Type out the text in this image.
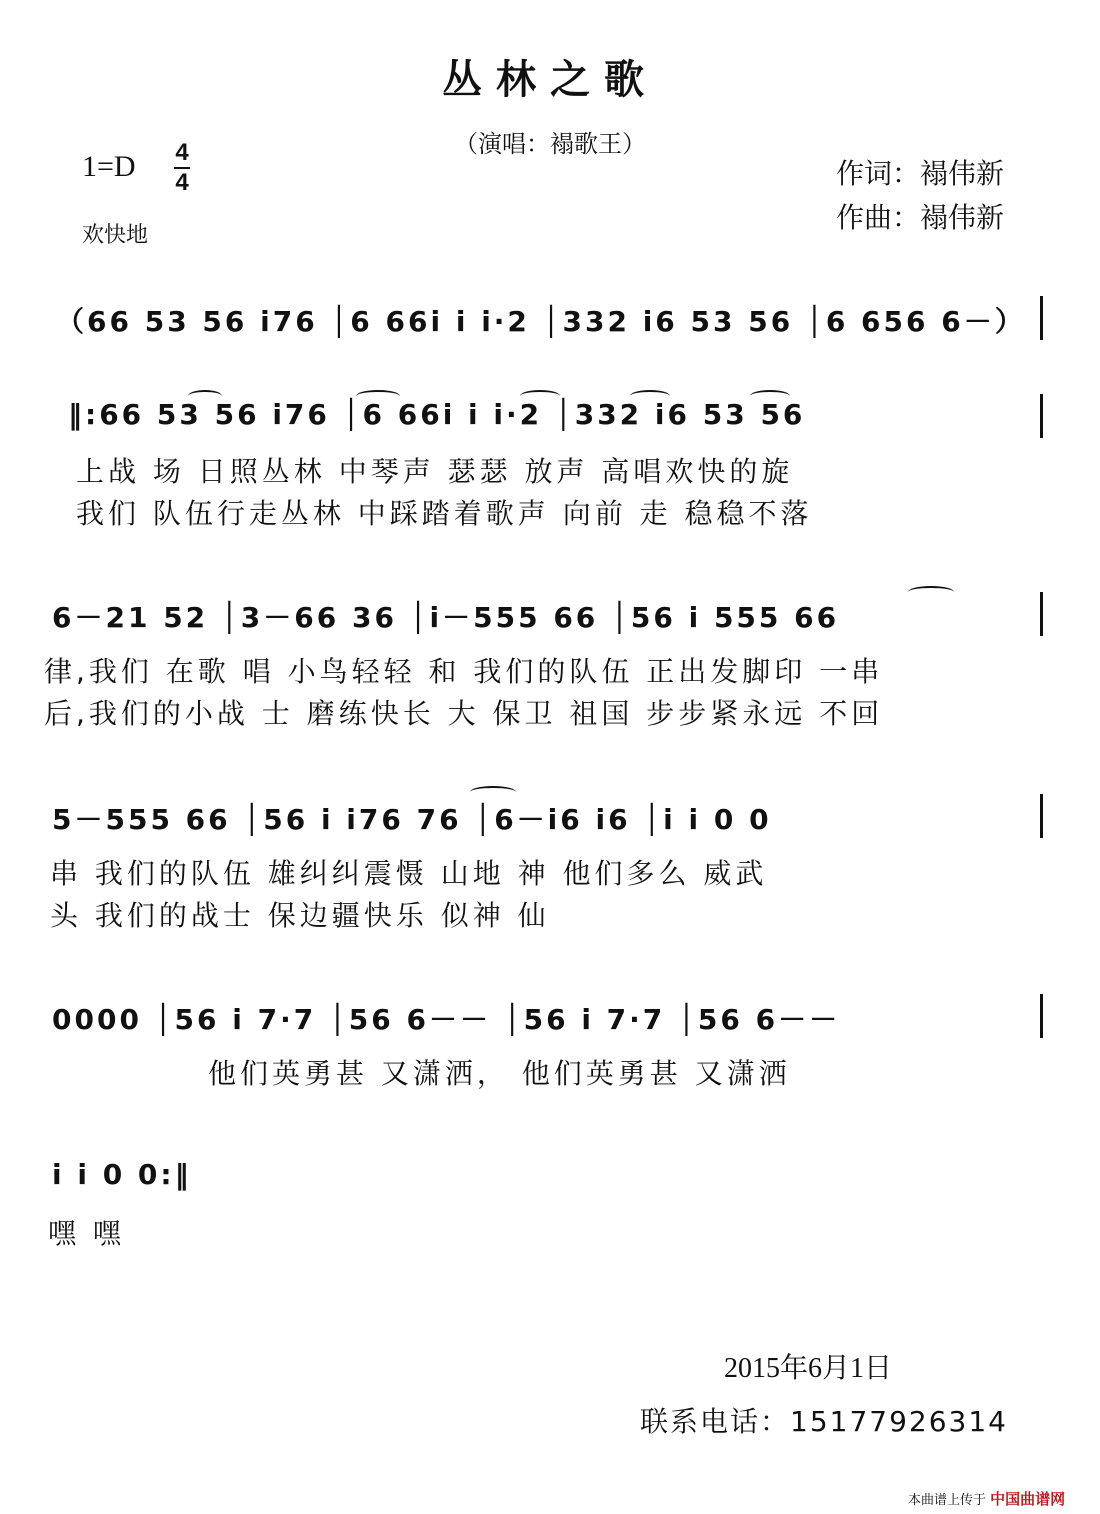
丛林之歌
（演唱：褟歌王）
1=D 4
4
欢快地
作词：褟伟新
作曲：褟伟新
（66 53 56 i76 │6 66i i i·2 │332 i6 53 56 │6 656 6－）
‖:66 53 56 i76 │6 66i i i·2 │332 i6 53 56
上战 场 日照丛林 中琴声 瑟瑟 放声 高唱欢快的旋
我们 队伍行走丛林 中踩踏着歌声 向前 走 稳稳不落
6－21 52 │3－66 36 │i－555 66 │56 i 555 66
律,我们 在歌 唱 小鸟轻轻 和 我们的队伍 正出发脚印 一串
后,我们的小战 士 磨练快长 大 保卫 祖国 步步紧永远 不回
5－555 66 │56 i i76 76 │6－i6 i6 │i i 0 0
串 我们的队伍 雄纠纠震慑 山地 神 他们多么 威武
头 我们的战士 保边疆快乐 似神 仙
0000 │56 i 7·7 │56 6－－ │56 i 7·7 │56 6－－
他们英勇甚 又潇洒， 他们英勇甚 又潇洒
i i 0 0:‖
嘿 嘿
2015年6月1日
联系电话：15177926314
本曲谱上传于 中国曲谱网
